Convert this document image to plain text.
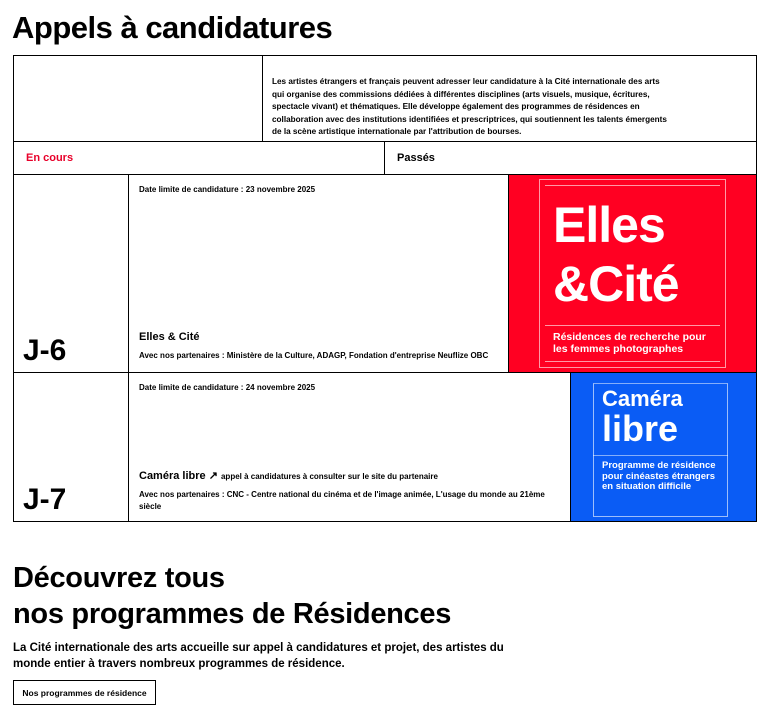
Appels à candidatures

Les artistes étrangers et français peuvent adresser leur candidature à la Cité internationale des arts qui organise des commissions dédiées à différentes disciplines (arts visuels, musique, écritures, spectacle vivant) et thématiques. Elle développe également des programmes de résidences en collaboration avec des institutions identifiées et prescriptrices, qui soutiennent les talents émergents de la scène artistique internationale par l'attribution de bourses.

En cours	Passés
J-6
Date limite de candidature : 23 novembre 2025
Elles & Cité
Avec nos partenaires : Ministère de la Culture, ADAGP, Fondation d'entreprise Neuflize OBC
Elles
&Cité
Résidences de recherche pour les femmes photographes
J-7
Date limite de candidature : 24 novembre 2025
Caméra libre ↗ appel à candidatures à consulter sur le site du partenaire
Avec nos partenaires : CNC - Centre national du cinéma et de l'image animée, L'usage du monde au 21ème siècle
Caméra
libre
Programme de résidence pour cinéastes étrangers en situation difficile
Découvrez tous
nos programmes de Résidences

La Cité internationale des arts accueille sur appel à candidatures et projet, des artistes du monde entier à travers nombreux programmes de résidence.

Nos programmes de résidence
